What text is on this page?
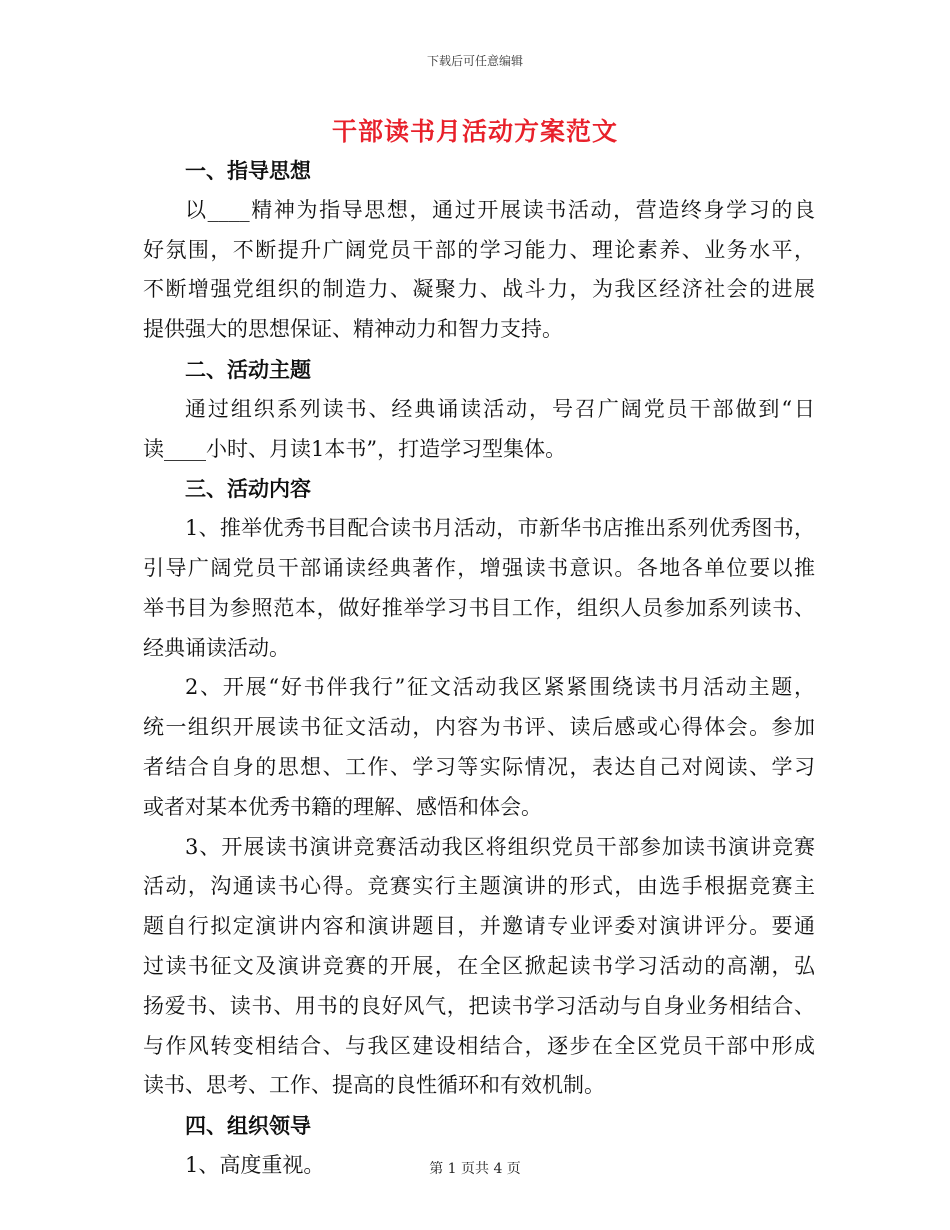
下载后可任意编辑
干部读书月活动方案范文
一、指导思想
以____精神为指导思想，通过开展读书活动，营造终身学习的良
好氛围，不断提升广阔党员干部的学习能力、理论素养、业务水平，
不断增强党组织的制造力、凝聚力、战斗力，为我区经济社会的进展
提供强大的思想保证、精神动力和智力支持。
二、活动主题
通过组织系列读书、经典诵读活动，号召广阔党员干部做到“日
读____小时、月读1本书”，打造学习型集体。
三、活动内容
1、推举优秀书目配合读书月活动，市新华书店推出系列优秀图书，
引导广阔党员干部诵读经典著作，增强读书意识。各地各单位要以推
举书目为参照范本，做好推举学习书目工作，组织人员参加系列读书、
经典诵读活动。
2、开展“好书伴我行”征文活动我区紧紧围绕读书月活动主题，
统一组织开展读书征文活动，内容为书评、读后感或心得体会。参加
者结合自身的思想、工作、学习等实际情况，表达自己对阅读、学习
或者对某本优秀书籍的理解、感悟和体会。
3、开展读书演讲竞赛活动我区将组织党员干部参加读书演讲竞赛
活动，沟通读书心得。竞赛实行主题演讲的形式，由选手根据竞赛主
题自行拟定演讲内容和演讲题目，并邀请专业评委对演讲评分。要通
过读书征文及演讲竞赛的开展，在全区掀起读书学习活动的高潮，弘
扬爱书、读书、用书的良好风气，把读书学习活动与自身业务相结合、
与作风转变相结合、与我区建设相结合，逐步在全区党员干部中形成
读书、思考、工作、提高的良性循环和有效机制。
四、组织领导
1、高度重视。	第 1 页共 4 页
